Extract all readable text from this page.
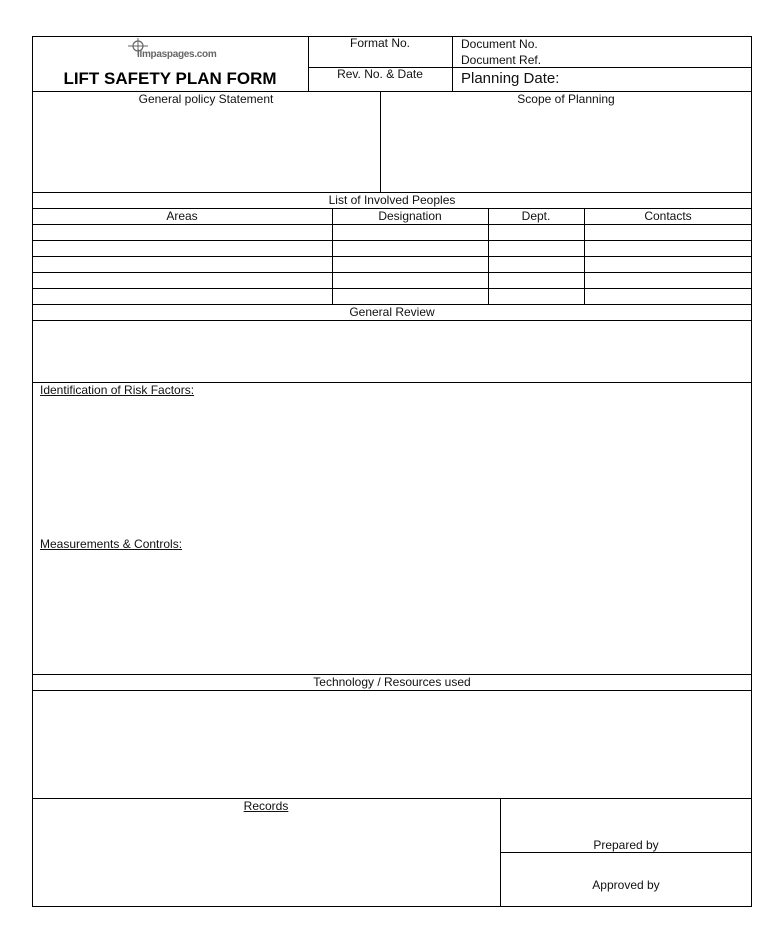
ilmpaspages.com
LIFT SAFETY PLAN FORM
Format No.
Rev. No. & Date
Document No.
Document Ref.
Planning Date:
General policy Statement	Scope of Planning
List of Involved Peoples
Areas	Designation	Dept.	Contacts
General Review
Identification of Risk Factors:
Measurements & Controls:
Technology / Resources used
Records
Prepared by
Approved by
